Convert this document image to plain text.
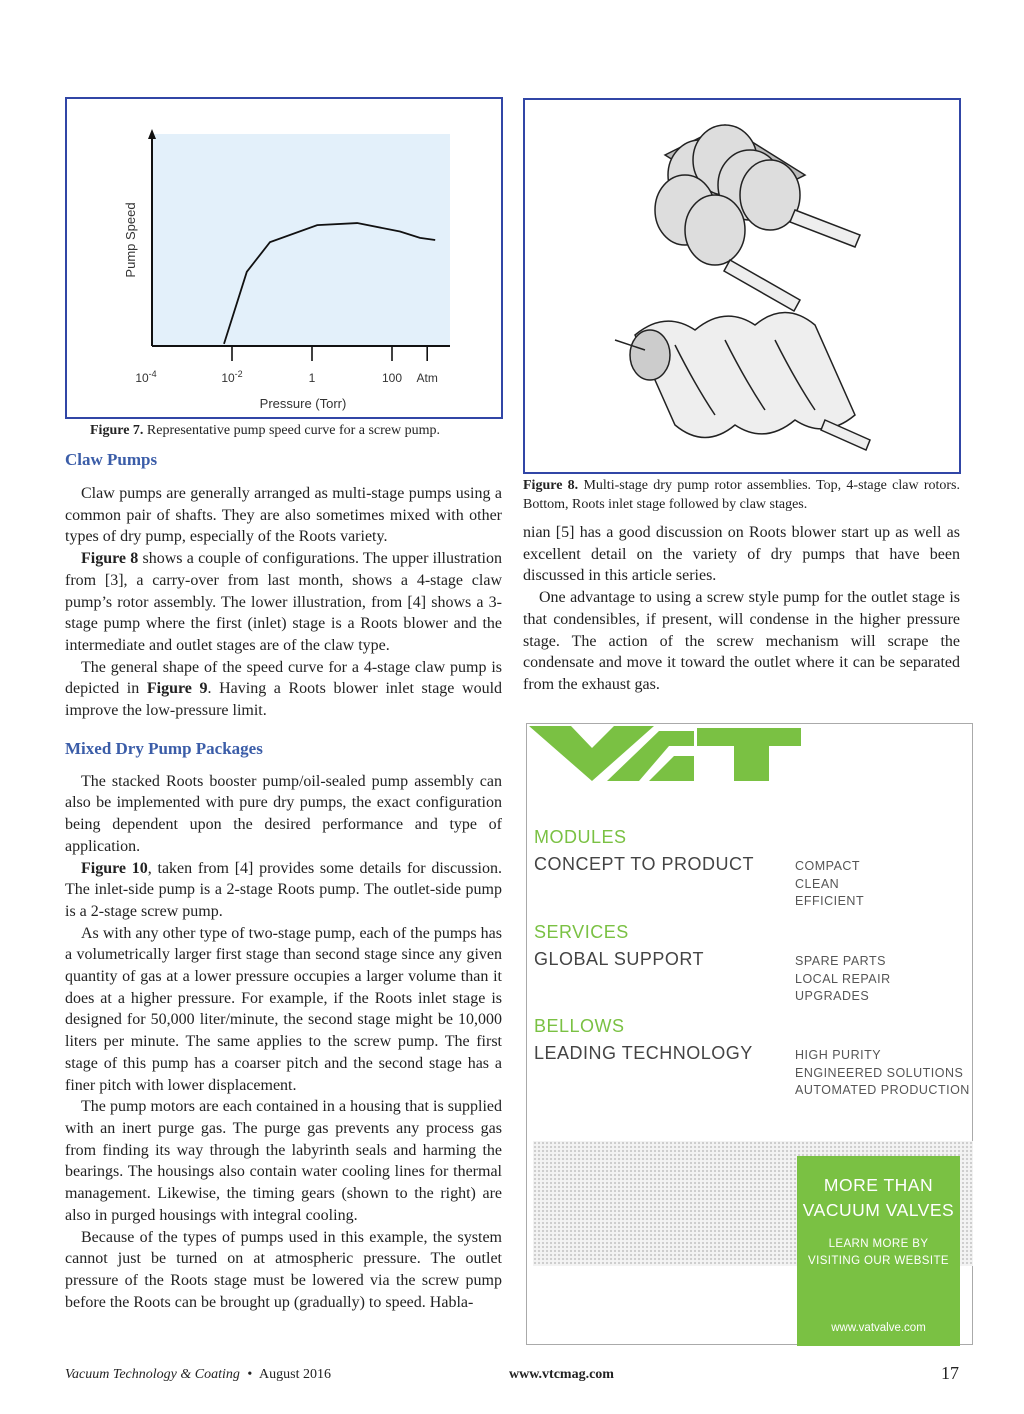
$10^{-4}$	$10^{-2}$	1	100 Atm
Pressure (Torr)
Pump Speed
Figure 7. Representative pump speed curve for a screw pump.
Figure 8. Multi-stage dry pump rotor assemblies. Top, 4-stage claw rotors. Bottom, Roots inlet stage followed by claw stages.
Claw Pumps

Claw pumps are generally arranged as multi-stage pumps using a common pair of shafts. They are also sometimes mixed with other types of dry pump, especially of the Roots variety.

Figure 8 shows a couple of configurations. The upper illustration from [3], a carry-over from last month, shows a 4-stage claw pump’s rotor assembly. The lower illustration, from [4] shows a 3-stage pump where the first (inlet) stage is a Roots blower and the intermediate and outlet stages are of the claw type.

The general shape of the speed curve for a 4-stage claw pump is depicted in Figure 9. Having a Roots blower inlet stage would improve the low-pressure limit.

Mixed Dry Pump Packages

The stacked Roots booster pump/oil-sealed pump assembly can also be implemented with pure dry pumps, the exact configuration being dependent upon the desired performance and type of application.

Figure 10, taken from [4] provides some details for discussion. The inlet-side pump is a 2-stage Roots pump. The outlet-side pump is a 2-stage screw pump.

As with any other type of two-stage pump, each of the pumps has a volumetrically larger first stage than second stage since any given quantity of gas at a lower pressure occupies a larger volume than it does at a higher pressure. For example, if the Roots inlet stage is designed for 50,000 liter/minute, the second stage might be 10,000 liters per minute. The same applies to the screw pump. The first stage of this pump has a coarser pitch and the second stage has a finer pitch with lower displacement.

The pump motors are each contained in a housing that is supplied with an inert purge gas. The purge gas prevents any process gas from finding its way through the labyrinth seals and harming the bearings. The housings also contain water cooling lines for thermal management. Likewise, the timing gears (shown to the right) are also in purged housings with integral cooling.

Because of the types of pumps used in this example, the system cannot just be turned on at atmospheric pressure. The outlet pressure of the Roots stage must be lowered via the screw pump before the Roots can be brought up (gradually) to speed. Habla-

nian [5] has a good discussion on Roots blower start up as well as excellent detail on the variety of dry pumps that have been discussed in this article series.

One advantage to using a screw style pump for the outlet stage is that condensibles, if present, will condense in the higher pressure stage. The action of the screw mechanism will scrape the condensate and move it toward the outlet where it can be separated from the exhaust gas.

MODULES
CONCEPT TO PRODUCT	COMPACT
CLEAN
EFFICIENT
SERVICES
GLOBAL SUPPORT	SPARE PARTS
LOCAL REPAIR
UPGRADES
BELLOWS
LEADING TECHNOLOGY	HIGH PURITY
ENGINEERED SOLUTIONS
AUTOMATED PRODUCTION
MORE THAN
VACUUM VALVES
LEARN MORE BY
VISITING OUR WEBSITE
www.vatvalve.com
Vacuum Technology & Coating • August 2016	www.vtcmag.com	17
